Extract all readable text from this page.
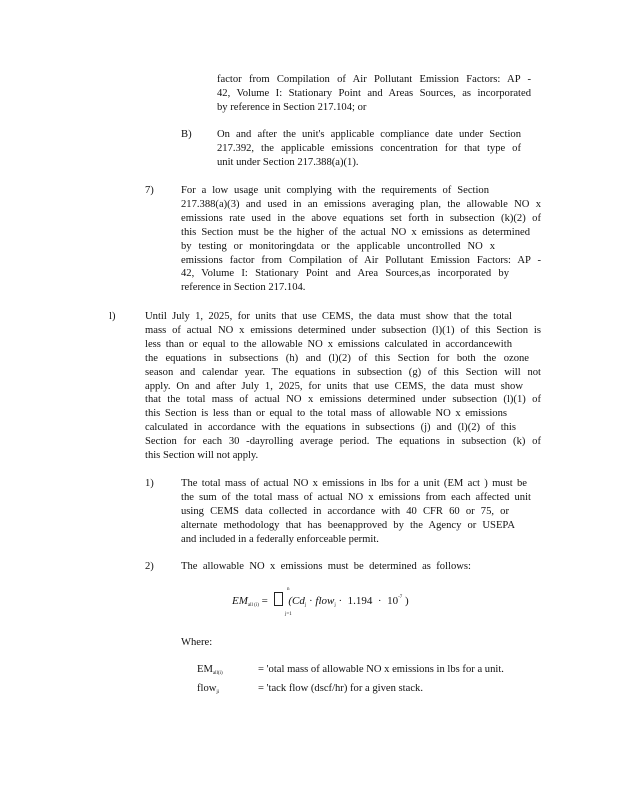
factor from Compilation of Air Pollutant Emission Factors: AP -
42, Volume I: Stationary Point and Areas Sources, as incorporated
by reference in Section 217.104; or
B) On and after the unit's applicable compliance date under Section
217.392, the applicable emissions concentration for that type of
unit under Section 217.388(a)(1).
7)	For a low usage unit complying with the requirements of Section
217.388(a)(3) and used in an emissions averaging plan, the allowable NO x
emissions rate used in the above equations set forth in subsection (k)(2) of
this Section must be the higher of the actual NO x emissions as determined
by testing or monitoringdata or the applicable uncontrolled NO x
emissions factor from Compilation of Air Pollutant Emission Factors: AP -
42, Volume I: Stationary Point and Area Sources,as incorporated by
reference in Section 217.104.
l)	Until July 1, 2025, for units that use CEMS, the data must show that the total
mass of actual NO x emissions determined under subsection (l)(1) of this Section is
less than or equal to the allowable NO x emissions calculated in accordancewith
the equations in subsections (h) and (l)(2) of this Section for both the ozone
season and calendar year. The equations in subsection (g) of this Section will not
apply. On and after July 1, 2025, for units that use CEMS, the data must show
that the total mass of actual NO x emissions determined under subsection (l)(1) of
this Section is less than or equal to the total mass of allowable NO x emissions
calculated in accordance with the equations in subsections (j) and (l)(2) of this
Section for each 30 -dayrolling average period. The equations in subsection (k) of
this Section will not apply.
1)	The total mass of actual NO x emissions in lbs for a unit (EM act ) must be
the sum of the total mass of actual NO x emissions from each affected unit
using CEMS data collected in accordance with 40 CFR 60 or 75, or
alternate methodology that has beenapproved by the Agency or USEPA
and included in a federally enforceable permit.
2)	The allowable NO x emissions must be determined as follows:
$EM_{all (i)}$ =
n
j=1
($Cd_j$ · flow$_j$ · $1.194 \cdot 10^{-7}$ )
Where:
EMall(i)	= 'otal mass of allowable NO x emissions in lbs for a unit.
flowji	= 'tack flow (dscf/hr) for a given stack.
